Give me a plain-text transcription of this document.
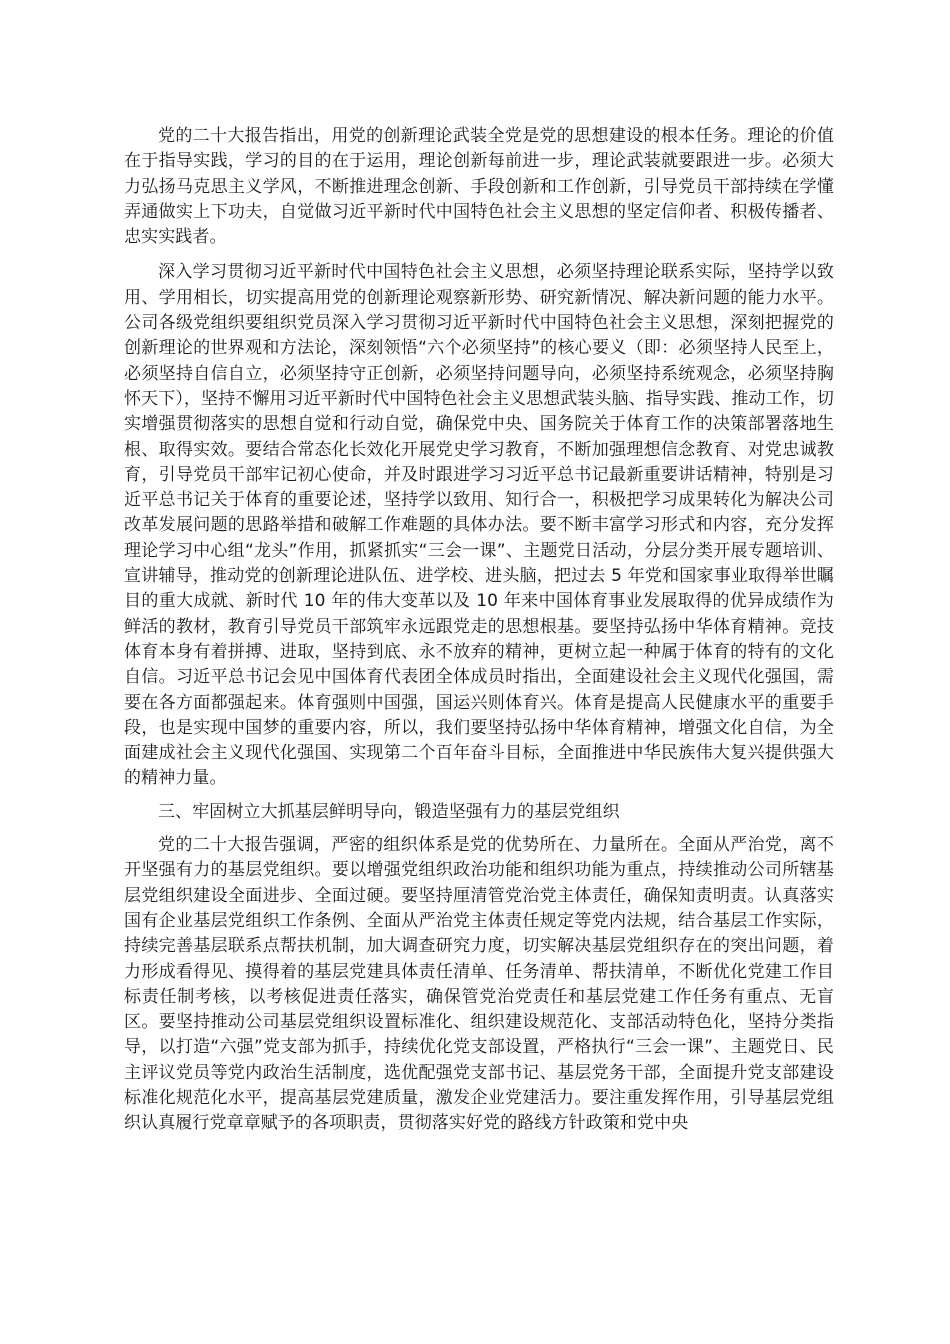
党的二十大报告指出，用党的创新理论武装全党是党的思想建设的根本任务。理论的价值在于指导实践，学习的目的在于运用，理论创新每前进一步，理论武装就要跟进一步。必须大力弘扬马克思主义学风，不断推进理念创新、手段创新和工作创新，引导党员干部持续在学懂弄通做实上下功夫，自觉做习近平新时代中国特色社会主义思想的坚定信仰者、积极传播者、忠实实践者。

深入学习贯彻习近平新时代中国特色社会主义思想，必须坚持理论联系实际，坚持学以致用、学用相长，切实提高用党的创新理论观察新形势、研究新情况、解决新问题的能力水平。公司各级党组织要组织党员深入学习贯彻习近平新时代中国特色社会主义思想，深刻把握党的创新理论的世界观和方法论，深刻领悟“六个必须坚持”的核心要义（即：必须坚持人民至上，必须坚持自信自立，必须坚持守正创新，必须坚持问题导向，必须坚持系统观念，必须坚持胸怀天下），坚持不懈用习近平新时代中国特色社会主义思想武装头脑、指导实践、推动工作，切实增强贯彻落实的思想自觉和行动自觉，确保党中央、国务院关于体育工作的决策部署落地生根、取得实效。要结合常态化长效化开展党史学习教育，不断加强理想信念教育、对党忠诚教育，引导党员干部牢记初心使命，并及时跟进学习习近平总书记最新重要讲话精神，特别是习近平总书记关于体育的重要论述，坚持学以致用、知行合一，积极把学习成果转化为解决公司改革发展问题的思路举措和破解工作难题的具体办法。要不断丰富学习形式和内容，充分发挥理论学习中心组“龙头”作用，抓紧抓实“三会一课”、主题党日活动，分层分类开展专题培训、宣讲辅导，推动党的创新理论进队伍、进学校、进头脑，把过去 5 年党和国家事业取得举世瞩目的重大成就、新时代 10 年的伟大变革以及 10 年来中国体育事业发展取得的优异成绩作为鲜活的教材，教育引导党员干部筑牢永远跟党走的思想根基。要坚持弘扬中华体育精神。竞技体育本身有着拼搏、进取，坚持到底、永不放弃的精神，更树立起一种属于体育的特有的文化自信。习近平总书记会见中国体育代表团全体成员时指出，全面建设社会主义现代化强国，需要在各方面都强起来。体育强则中国强，国运兴则体育兴。体育是提高人民健康水平的重要手段，也是实现中国梦的重要内容，所以，我们要坚持弘扬中华体育精神，增强文化自信，为全面建成社会主义现代化强国、实现第二个百年奋斗目标，全面推进中华民族伟大复兴提供强大的精神力量。

三、牢固树立大抓基层鲜明导向，锻造坚强有力的基层党组织

党的二十大报告强调，严密的组织体系是党的优势所在、力量所在。全面从严治党，离不开坚强有力的基层党组织。要以增强党组织政治功能和组织功能为重点，持续推动公司所辖基层党组织建设全面进步、全面过硬。要坚持厘清管党治党主体责任，确保知责明责。认真落实国有企业基层党组织工作条例、全面从严治党主体责任规定等党内法规，结合基层工作实际，持续完善基层联系点帮扶机制，加大调查研究力度，切实解决基层党组织存在的突出问题，着力形成看得见、摸得着的基层党建具体责任清单、任务清单、帮扶清单，不断优化党建工作目标责任制考核，以考核促进责任落实，确保管党治党责任和基层党建工作任务有重点、无盲区。要坚持推动公司基层党组织设置标准化、组织建设规范化、支部活动特色化，坚持分类指导，以打造“六强”党支部为抓手，持续优化党支部设置，严格执行“三会一课”、主题党日、民主评议党员等党内政治生活制度，选优配强党支部书记、基层党务干部，全面提升党支部建设标准化规范化水平，提高基层党建质量，激发企业党建活力。要注重发挥作用，引导基层党组织认真履行党章章赋予的各项职责，贯彻落实好党的路线方针政策和党中央
